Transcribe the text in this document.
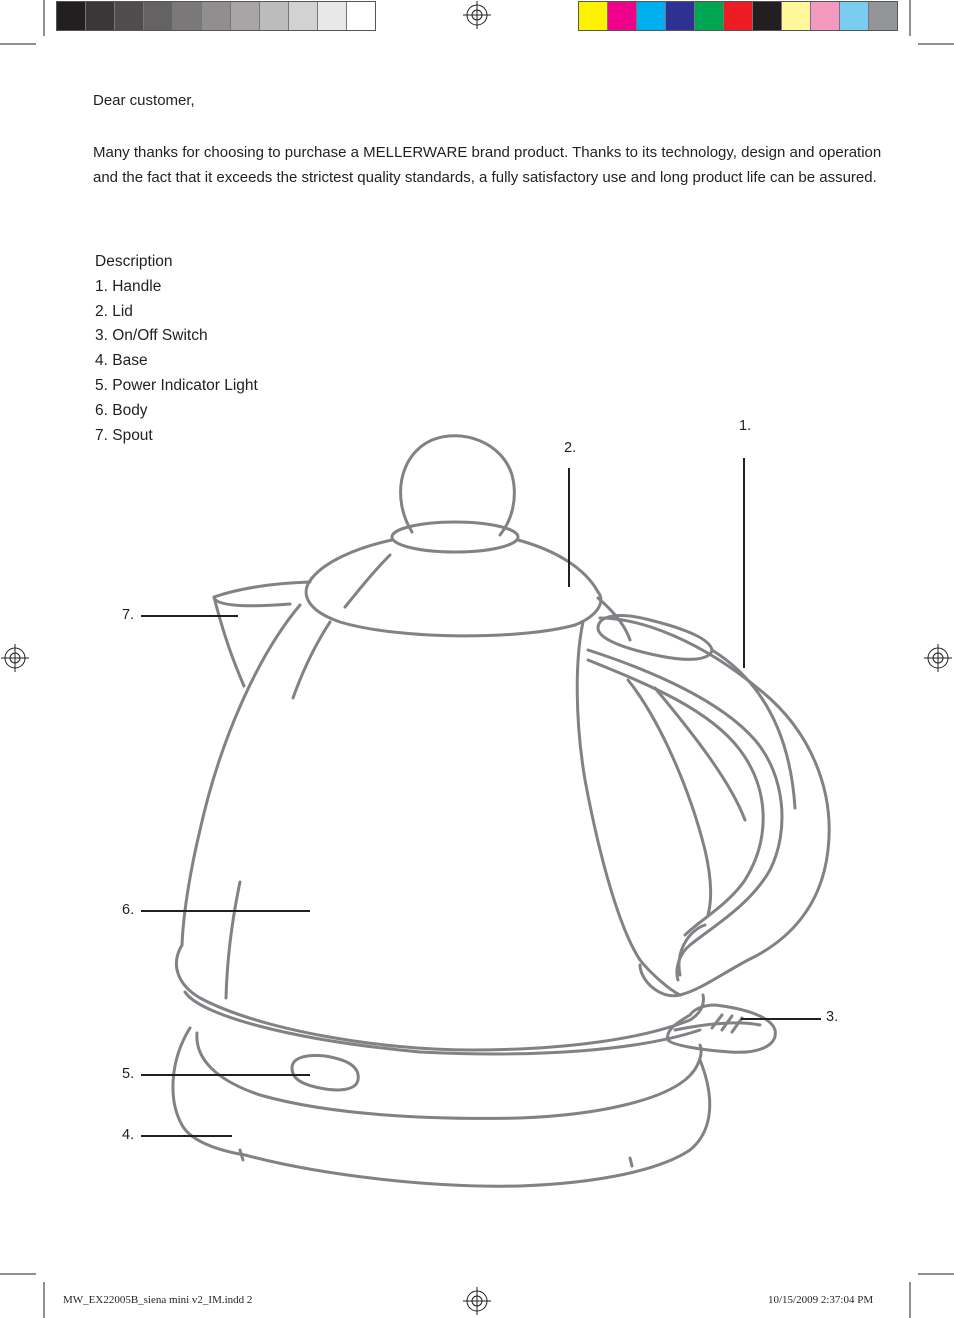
Dear customer,
Many thanks for choosing to purchase a MELLERWARE brand product. Thanks to its technology, design and operation and the fact that it exceeds the strictest quality standards, a fully satisfactory use and long product life can be assured.
Description
1. Handle
2. Lid
3. On/Off Switch
4. Base
5. Power Indicator Light
6. Body
7. Spout
1.
2.
3.
4.
5.
6.
7.
MW_EX22005B_siena mini v2_IM.indd 2	10/15/2009 2:37:04 PM
